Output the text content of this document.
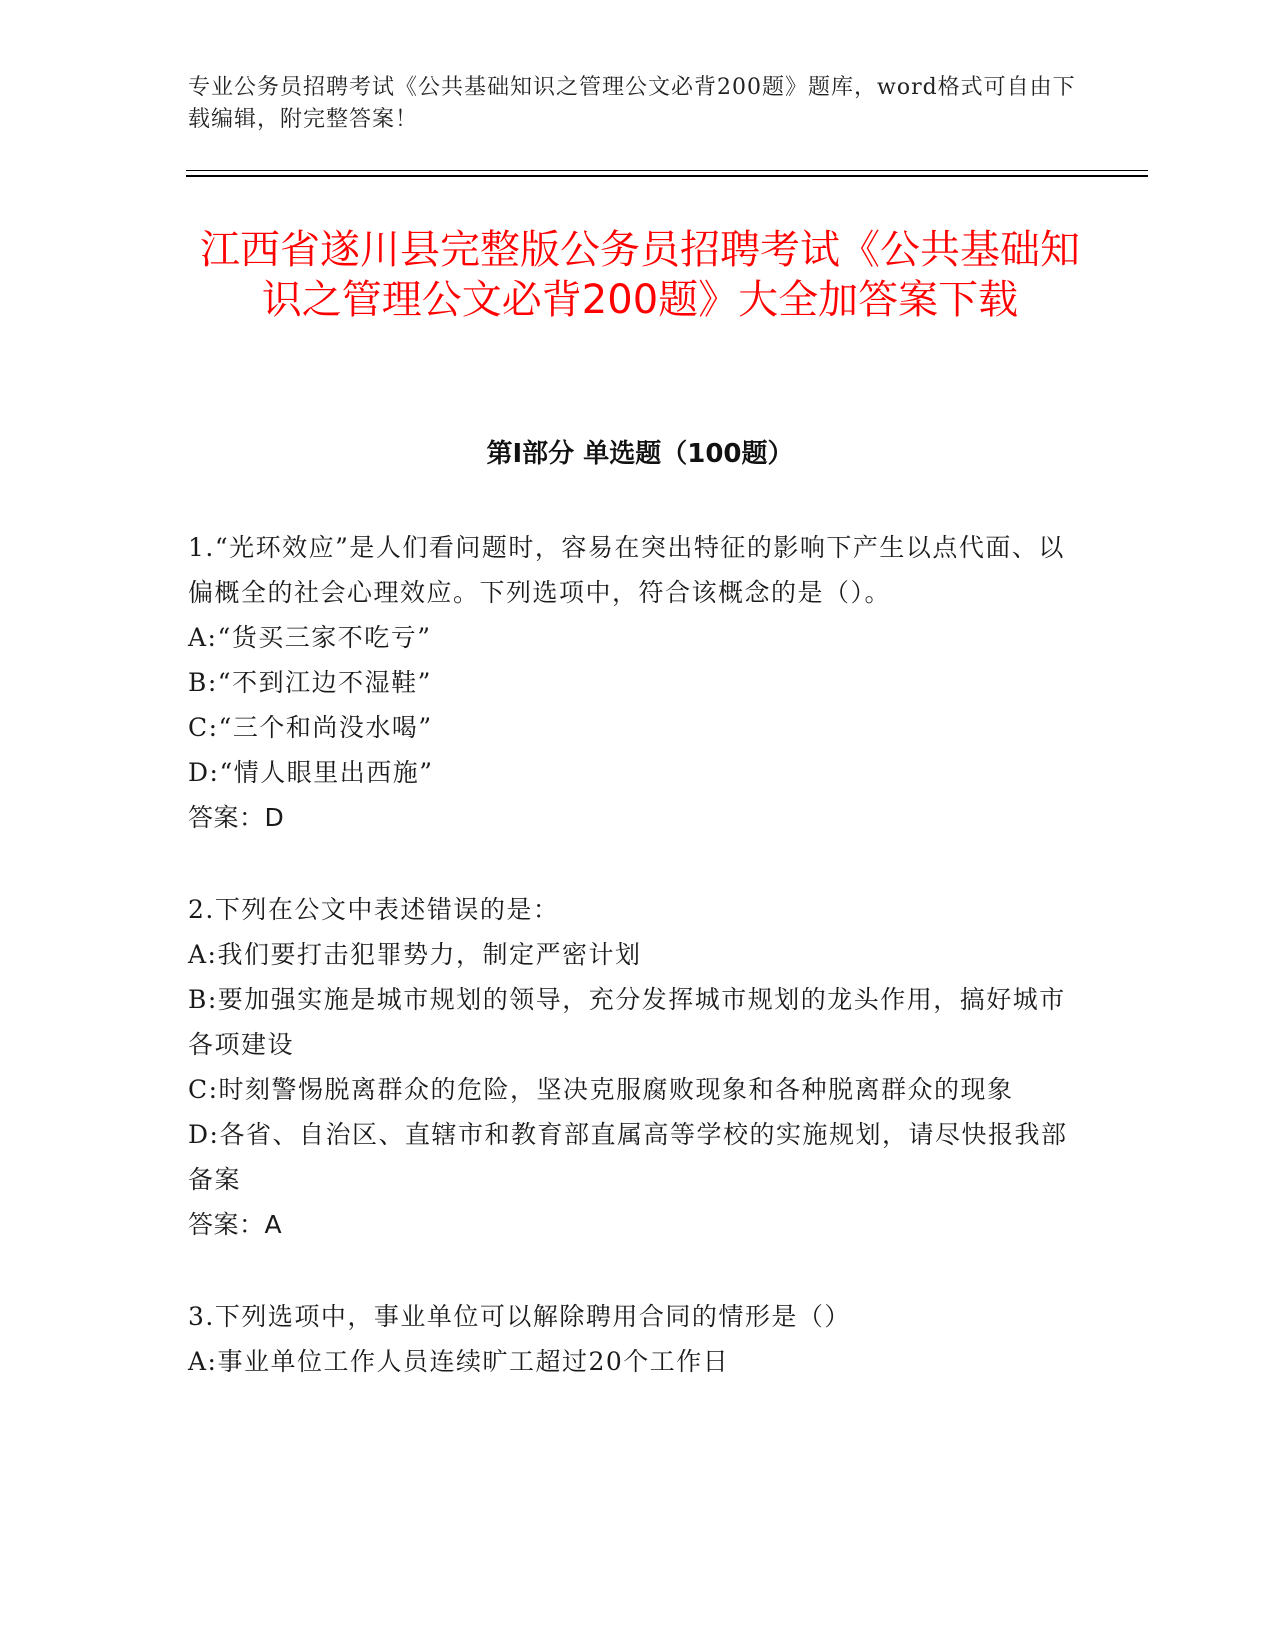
专业公务员招聘考试《公共基础知识之管理公文必背200题》题库，word格式可自由下载编辑，附完整答案！
江西省遂川县完整版公务员招聘考试《公共基础知识之管理公文必背200题》大全加答案下载
第I部分 单选题（100题）

1.“光环效应”是人们看问题时，容易在突出特征的影响下产生以点代面、以偏概全的社会心理效应。下列选项中，符合该概念的是（）。

A:“货买三家不吃亏”

B:“不到江边不湿鞋”

C:“三个和尚没水喝”

D:“情人眼里出西施”

答案：D

2.下列在公文中表述错误的是：

A:我们要打击犯罪势力，制定严密计划

B:要加强实施是城市规划的领导，充分发挥城市规划的龙头作用，搞好城市各项建设

C:时刻警惕脱离群众的危险，坚决克服腐败现象和各种脱离群众的现象

D:各省、自治区、直辖市和教育部直属高等学校的实施规划，请尽快报我部备案

答案：A

3.下列选项中，事业单位可以解除聘用合同的情形是（）

A:事业单位工作人员连续旷工超过20个工作日
